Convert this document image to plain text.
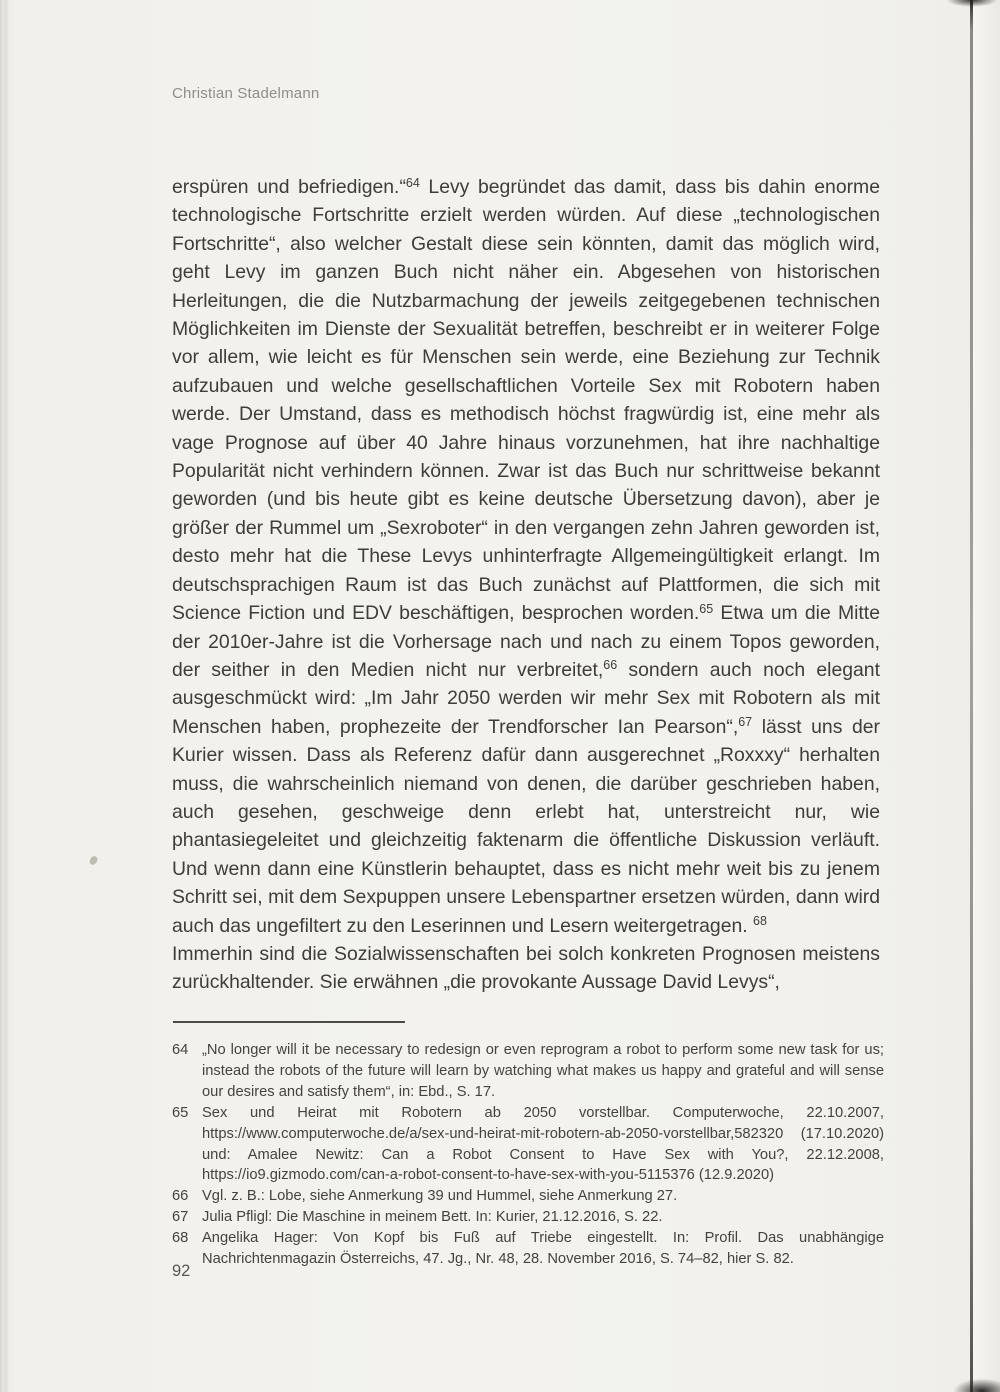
Christian Stadelmann

erspüren und befriedigen.“$^{64}$ Levy begründet das damit, dass bis dahin enorme technologische Fortschritte erzielt werden würden. Auf diese „technologischen Fortschritte“, also welcher Gestalt diese sein könnten, damit das möglich wird, geht Levy im ganzen Buch nicht näher ein. Abgesehen von historischen Herleitungen, die die Nutzbarmachung der jeweils zeitgegebenen technischen Möglichkeiten im Dienste der Sexualität betreffen, beschreibt er in weiterer Folge vor allem, wie leicht es für Menschen sein werde, eine Beziehung zur Technik aufzubauen und welche gesellschaftlichen Vorteile Sex mit Robotern haben werde. Der Umstand, dass es methodisch höchst fragwürdig ist, eine mehr als vage Prognose auf über 40 Jahre hinaus vorzunehmen, hat ihre nachhaltige Popularität nicht verhindern können. Zwar ist das Buch nur schrittweise bekannt geworden (und bis heute gibt es keine deutsche Übersetzung davon), aber je größer der Rummel um „Sexroboter“ in den vergangen zehn Jahren geworden ist, desto mehr hat die These Levys unhinterfragte Allgemeingültigkeit erlangt. Im deutschsprachigen Raum ist das Buch zunächst auf Plattformen, die sich mit Science Fiction und EDV beschäftigen, besprochen worden.$^{65}$ Etwa um die Mitte der 2010er-Jahre ist die Vorhersage nach und nach zu einem Topos geworden, der seither in den Medien nicht nur verbreitet,$^{66}$ sondern auch noch elegant ausgeschmückt wird: „Im Jahr 2050 werden wir mehr Sex mit Robotern als mit Menschen haben, prophezeite der Trendforscher Ian Pearson“,$^{67}$ lässt uns der Kurier wissen. Dass als Referenz dafür dann ausgerechnet „Roxxxy“ herhalten muss, die wahrscheinlich niemand von denen, die darüber geschrieben haben, auch gesehen, geschweige denn erlebt hat, unterstreicht nur, wie phantasiegeleitet und gleichzeitig faktenarm die öffentliche Diskussion verläuft. Und wenn dann eine Künstlerin behauptet, dass es nicht mehr weit bis zu jenem Schritt sei, mit dem Sexpuppen unsere Lebenspartner ersetzen würden, dann wird auch das ungefiltert zu den Leserinnen und Lesern weitergetragen. $^{68}$

Immerhin sind die Sozialwissenschaften bei solch konkreten Prognosen meistens zurückhaltender. Sie erwähnen „die provokante Aussage David Levys“,

64 „No longer will it be necessary to redesign or even reprogram a robot to perform some new task for us; instead the robots of the future will learn by watching what makes us happy and grateful and will sense our desires and satisfy them“, in: Ebd., S. 17.
65 Sex und Heirat mit Robotern ab 2050 vorstellbar. Computerwoche, 22.10.2007, https://www.computerwoche.de/a/sex-und-heirat-mit-robotern-ab-2050-vorstellbar,582320 (17.10.2020) und: Amalee Newitz: Can a Robot Consent to Have Sex with You?, 22.12.2008, https://io9.gizmodo.com/can-a-robot-consent-to-have-sex-with-you-5115376 (12.9.2020)
66 Vgl. z. B.: Lobe, siehe Anmerkung 39 und Hummel, siehe Anmerkung 27.
67 Julia Pfligl: Die Maschine in meinem Bett. In: Kurier, 21.12.2016, S. 22.
68 Angelika Hager: Von Kopf bis Fuß auf Triebe eingestellt. In: Profil. Das unabhängige Nachrichtenmagazin Österreichs, 47. Jg., Nr. 48, 28. November 2016, S. 74–82, hier S. 82.
92
